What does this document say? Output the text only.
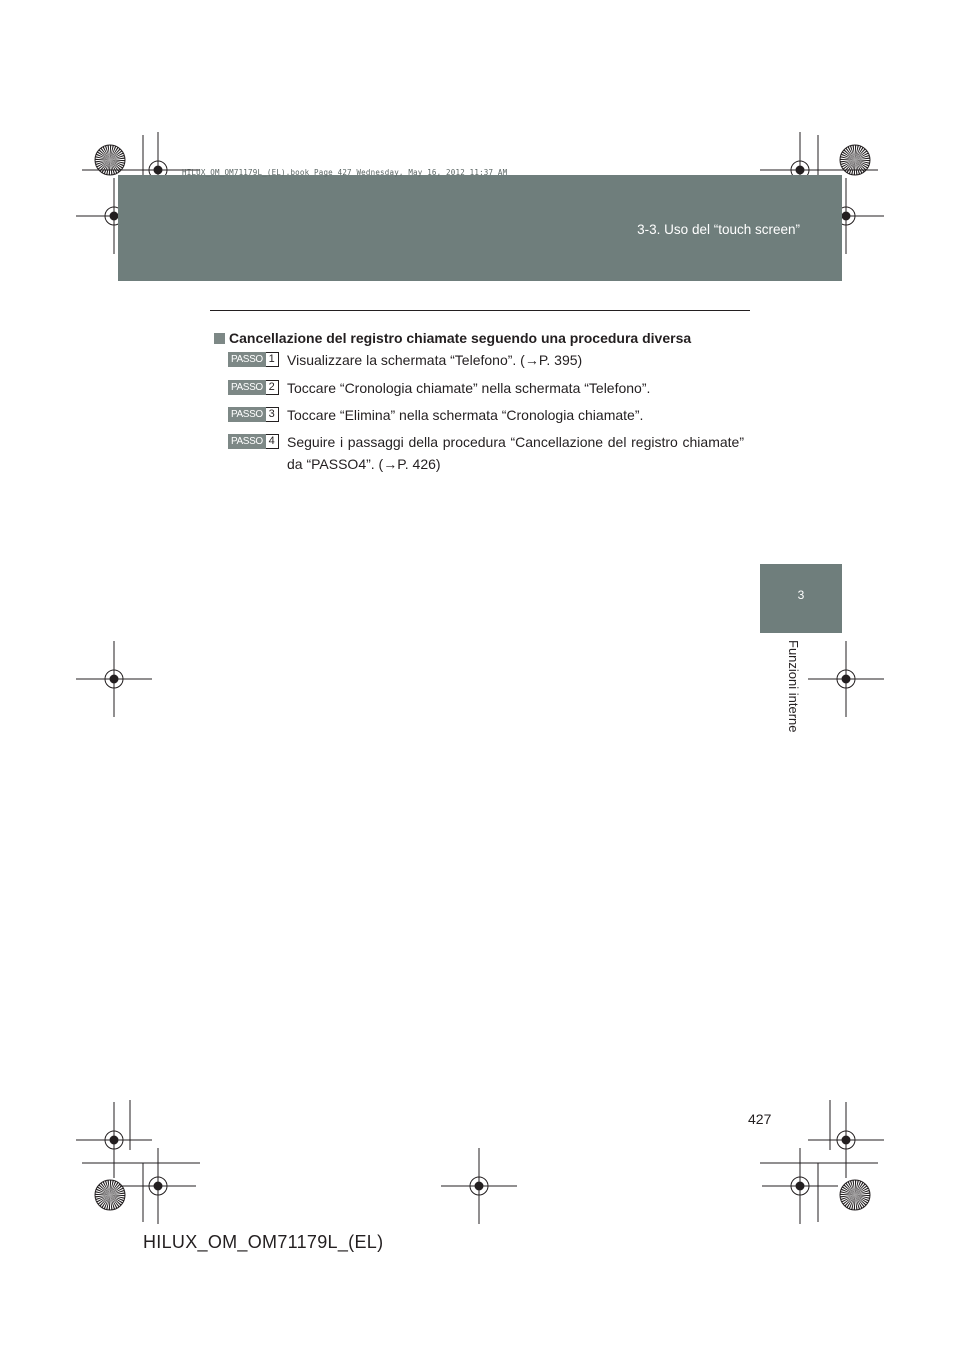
HILUX_OM_OM71179L_(EL).book Page 427 Wednesday, May 16, 2012 11:37 AM
3-3. Uso del “touch screen”
3
Funzioni interne
Cancellazione del registro chiamate seguendo una procedura diversa
PASSO 1 Visualizzare la schermata “Telefono”. (→P. 395)
PASSO 2 Toccare “Cronologia chiamate” nella schermata “Telefono”.
PASSO 3 Toccare “Elimina” nella schermata “Cronologia chiamate”.
PASSO 4 Seguire i passaggi della procedura “Cancellazione del registro chiamate” da “PASSO4”. (→P. 426)
427
HILUX_OM_OM71179L_(EL)
